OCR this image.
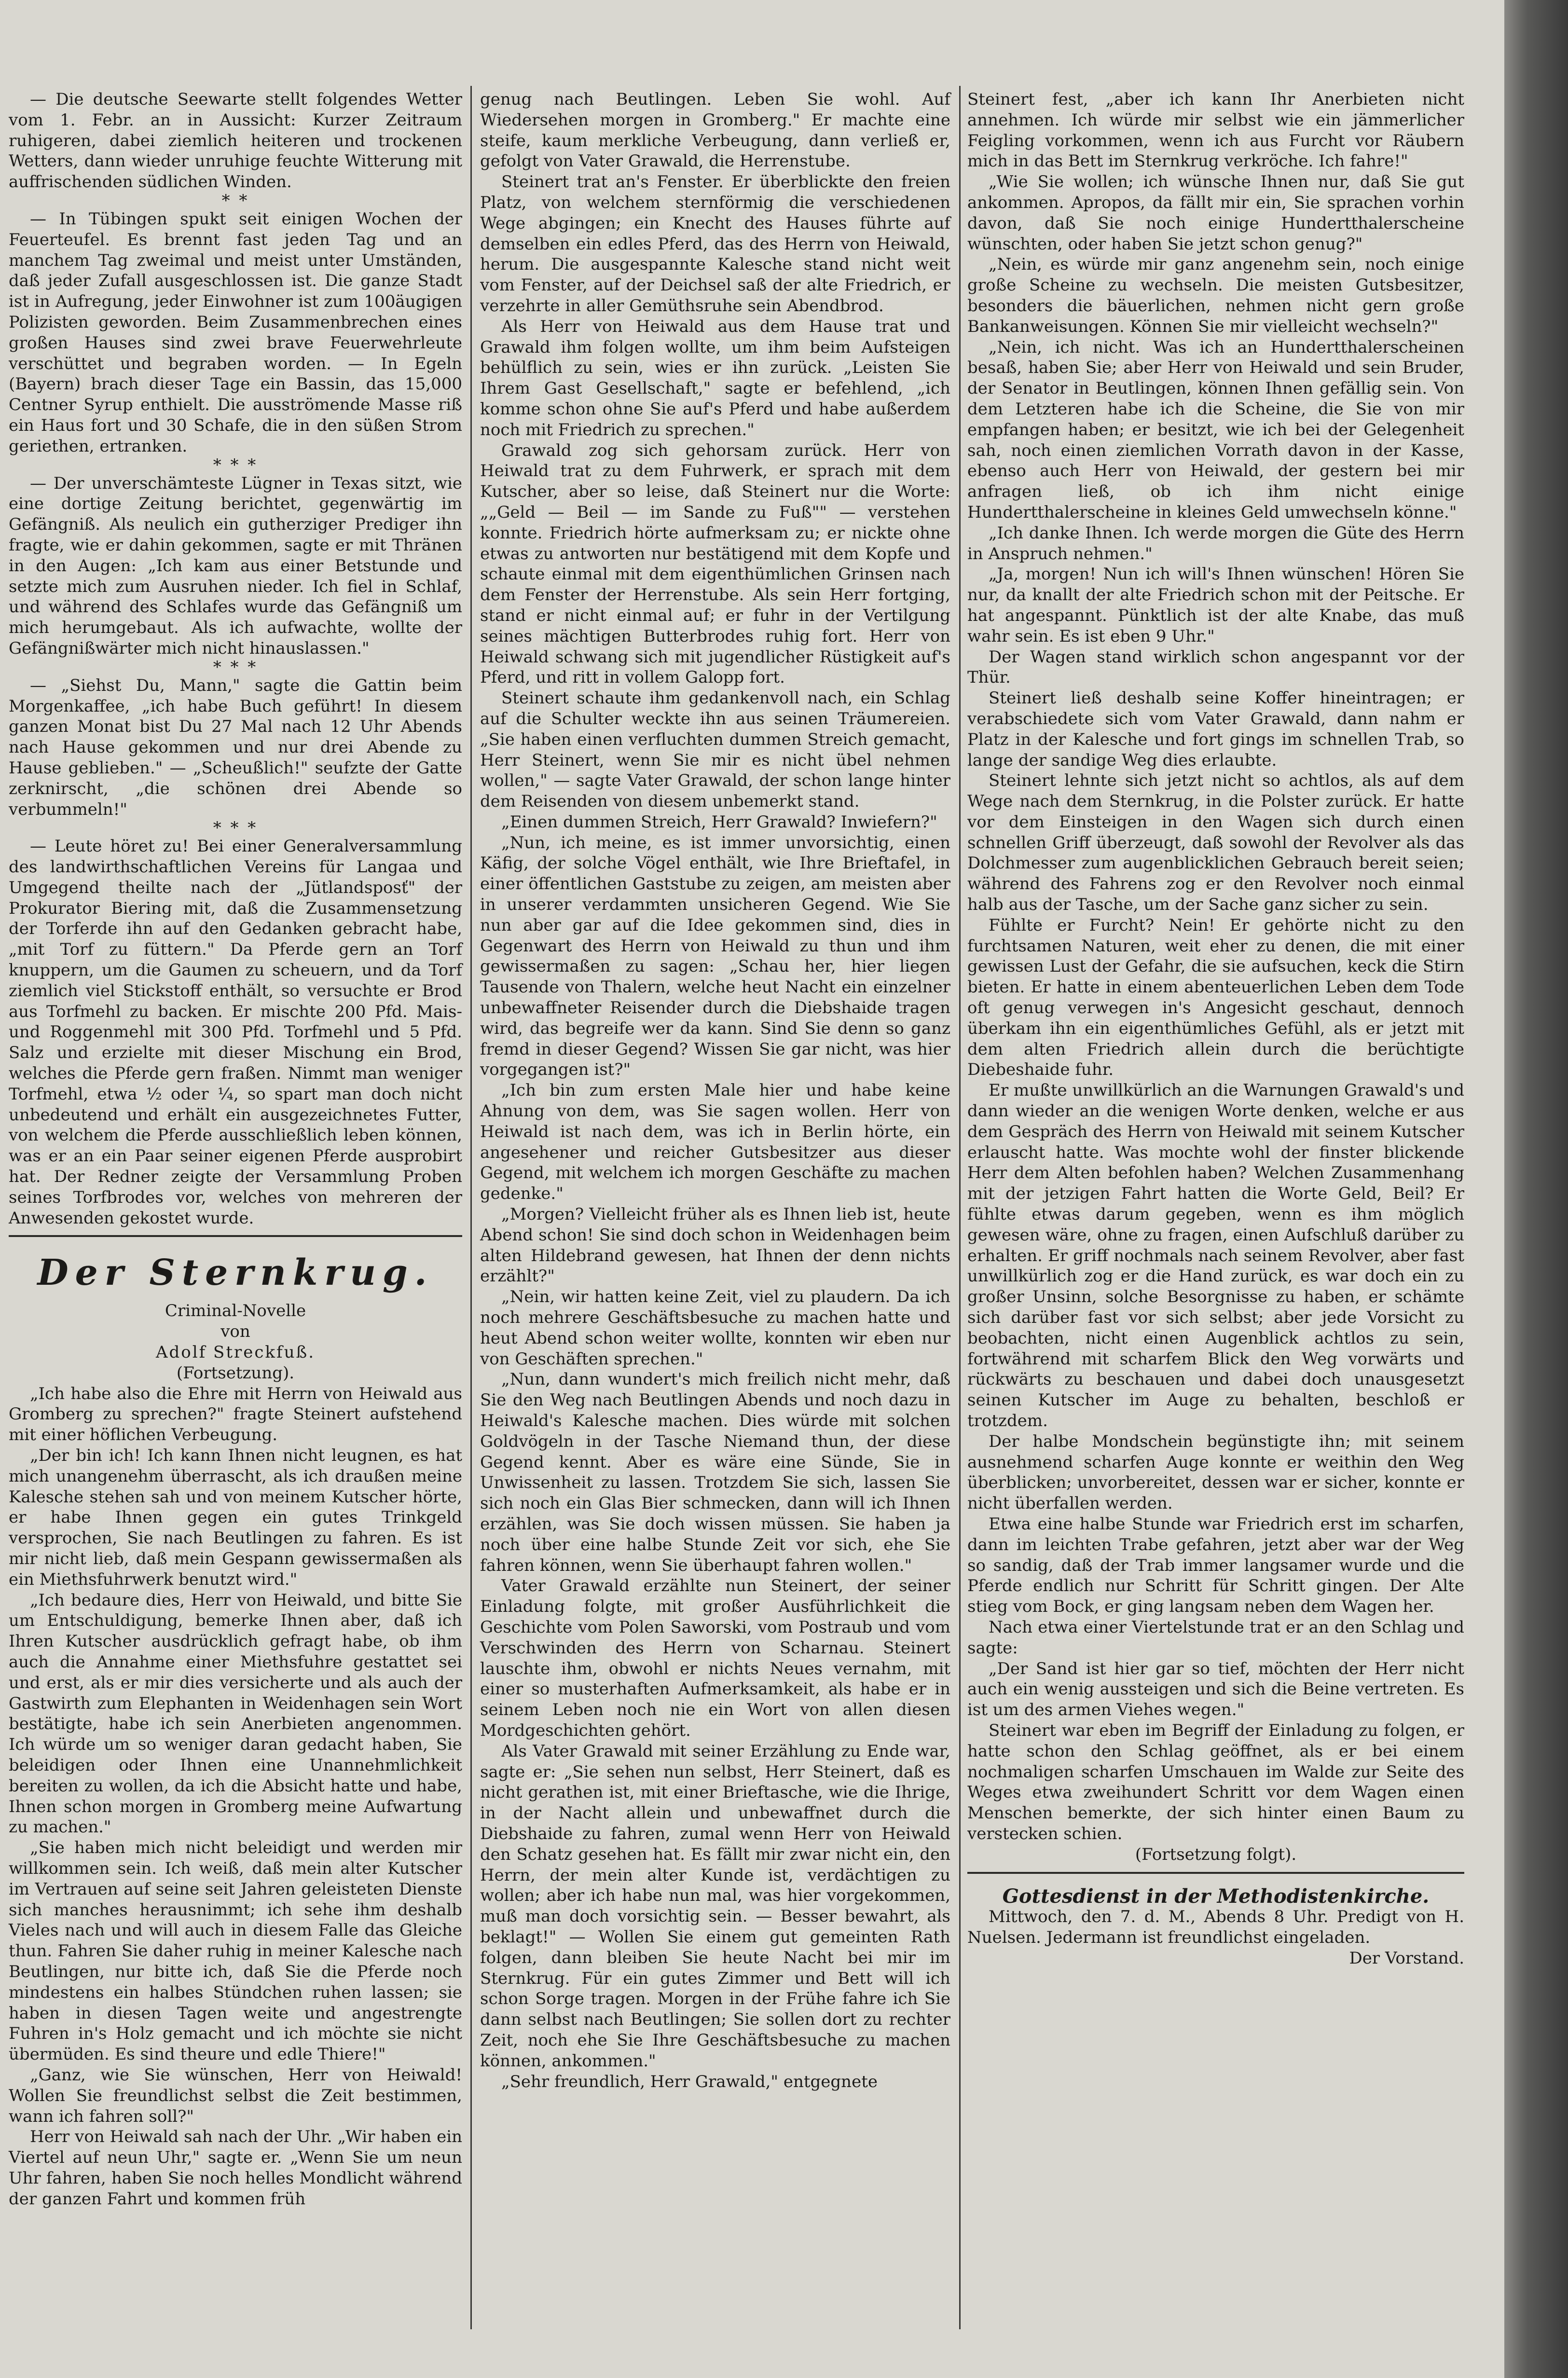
— Die deutsche Seewarte stellt folgendes Wetter vom 1. Febr. an in Aussicht: Kurzer Zeitraum ruhigeren, dabei ziemlich heiteren und trockenen Wetters, dann wieder unruhige feuchte Witterung mit auffrischenden südlichen Winden.

* *

— In Tübingen spukt seit einigen Wochen der Feuerteufel. Es brennt fast jeden Tag und an manchem Tag zweimal und meist unter Umständen, daß jeder Zufall ausgeschlossen ist. Die ganze Stadt ist in Aufregung, jeder Einwohner ist zum 100äugigen Polizisten geworden. Beim Zusammenbrechen eines großen Hauses sind zwei brave Feuerwehrleute verschüttet und begraben worden. — In Egeln (Bayern) brach dieser Tage ein Bassin, das 15,000 Centner Syrup enthielt. Die ausströmende Masse riß ein Haus fort und 30 Schafe, die in den süßen Strom geriethen, ertranken.

* * *

— Der unverschämteste Lügner in Texas sitzt, wie eine dortige Zeitung berichtet, gegenwärtig im Gefängniß. Als neulich ein gutherziger Prediger ihn fragte, wie er dahin gekommen, sagte er mit Thränen in den Augen: „Ich kam aus einer Betstunde und setzte mich zum Ausruhen nieder. Ich fiel in Schlaf, und während des Schlafes wurde das Gefängniß um mich herumgebaut. Als ich aufwachte, wollte der Gefängnißwärter mich nicht hinauslassen."

* * *

— „Siehst Du, Mann," sagte die Gattin beim Morgenkaffee, „ich habe Buch geführt! In diesem ganzen Monat bist Du 27 Mal nach 12 Uhr Abends nach Hause gekommen und nur drei Abende zu Hause geblieben." — „Scheußlich!" seufzte der Gatte zerknirscht, „die schönen drei Abende so verbummeln!"

* * *

— Leute höret zu! Bei einer Generalversammlung des landwirthschaftlichen Vereins für Langaa und Umgegend theilte nach der „Jütlandsposť" der Prokurator Biering mit, daß die Zusammensetzung der Torferde ihn auf den Gedanken gebracht habe, „mit Torf zu füttern." Da Pferde gern an Torf knuppern, um die Gaumen zu scheuern, und da Torf ziemlich viel Stickstoff enthält, so versuchte er Brod aus Torfmehl zu backen. Er mischte 200 Pfd. Mais- und Roggenmehl mit 300 Pfd. Torfmehl und 5 Pfd. Salz und erzielte mit dieser Mischung ein Brod, welches die Pferde gern fraßen. Nimmt man weniger Torfmehl, etwa ½ oder ¼, so spart man doch nicht unbedeutend und erhält ein ausgezeichnetes Futter, von welchem die Pferde ausschließlich leben können, was er an ein Paar seiner eigenen Pferde ausprobirt hat. Der Redner zeigte der Versammlung Proben seines Torfbrodes vor, welches von mehreren der Anwesenden gekostet wurde.

Der Sternkrug.

Criminal-Novelle

von

Adolf Streckfuß.

(Fortsetzung).

„Ich habe also die Ehre mit Herrn von Heiwald aus Gromberg zu sprechen?" fragte Steinert aufstehend mit einer höflichen Verbeugung.

„Der bin ich! Ich kann Ihnen nicht leugnen, es hat mich unangenehm überrascht, als ich draußen meine Kalesche stehen sah und von meinem Kutscher hörte, er habe Ihnen gegen ein gutes Trinkgeld versprochen, Sie nach Beutlingen zu fahren. Es ist mir nicht lieb, daß mein Gespann gewissermaßen als ein Miethsfuhrwerk benutzt wird."

„Ich bedaure dies, Herr von Heiwald, und bitte Sie um Entschuldigung, bemerke Ihnen aber, daß ich Ihren Kutscher ausdrücklich gefragt habe, ob ihm auch die Annahme einer Miethsfuhre gestattet sei und erst, als er mir dies versicherte und als auch der Gastwirth zum Elephanten in Weidenhagen sein Wort bestätigte, habe ich sein Anerbieten angenommen. Ich würde um so weniger daran gedacht haben, Sie beleidigen oder Ihnen eine Unannehmlichkeit bereiten zu wollen, da ich die Absicht hatte und habe, Ihnen schon morgen in Gromberg meine Aufwartung zu machen."

„Sie haben mich nicht beleidigt und werden mir willkommen sein. Ich weiß, daß mein alter Kutscher im Vertrauen auf seine seit Jahren geleisteten Dienste sich manches herausnimmt; ich sehe ihm deshalb Vieles nach und will auch in diesem Falle das Gleiche thun. Fahren Sie daher ruhig in meiner Kalesche nach Beutlingen, nur bitte ich, daß Sie die Pferde noch mindestens ein halbes Stündchen ruhen lassen; sie haben in diesen Tagen weite und angestrengte Fuhren in's Holz gemacht und ich möchte sie nicht übermüden. Es sind theure und edle Thiere!"

„Ganz, wie Sie wünschen, Herr von Heiwald! Wollen Sie freundlichst selbst die Zeit bestimmen, wann ich fahren soll?"

Herr von Heiwald sah nach der Uhr. „Wir haben ein Viertel auf neun Uhr," sagte er. „Wenn Sie um neun Uhr fahren, haben Sie noch helles Mondlicht während der ganzen Fahrt und kommen früh

genug nach Beutlingen. Leben Sie wohl. Auf Wiedersehen morgen in Gromberg." Er machte eine steife, kaum merkliche Verbeugung, dann verließ er, gefolgt von Vater Grawald, die Herrenstube.

Steinert trat an's Fenster. Er überblickte den freien Platz, von welchem sternförmig die verschiedenen Wege abgingen; ein Knecht des Hauses führte auf demselben ein edles Pferd, das des Herrn von Heiwald, herum. Die ausgespannte Kalesche stand nicht weit vom Fenster, auf der Deichsel saß der alte Friedrich, er verzehrte in aller Gemüthsruhe sein Abendbrod.

Als Herr von Heiwald aus dem Hause trat und Grawald ihm folgen wollte, um ihm beim Aufsteigen behülflich zu sein, wies er ihn zurück. „Leisten Sie Ihrem Gast Gesellschaft," sagte er befehlend, „ich komme schon ohne Sie auf's Pferd und habe außerdem noch mit Friedrich zu sprechen."

Grawald zog sich gehorsam zurück. Herr von Heiwald trat zu dem Fuhrwerk, er sprach mit dem Kutscher, aber so leise, daß Steinert nur die Worte: „„Geld — Beil — im Sande zu Fuß"" — verstehen konnte. Friedrich hörte aufmerksam zu; er nickte ohne etwas zu antworten nur bestätigend mit dem Kopfe und schaute einmal mit dem eigenthümlichen Grinsen nach dem Fenster der Herrenstube. Als sein Herr fortging, stand er nicht einmal auf; er fuhr in der Vertilgung seines mächtigen Butterbrodes ruhig fort. Herr von Heiwald schwang sich mit jugendlicher Rüstigkeit auf's Pferd, und ritt in vollem Galopp fort.

Steinert schaute ihm gedankenvoll nach, ein Schlag auf die Schulter weckte ihn aus seinen Träumereien. „Sie haben einen verfluchten dummen Streich gemacht, Herr Steinert, wenn Sie mir es nicht übel nehmen wollen," — sagte Vater Grawald, der schon lange hinter dem Reisenden von diesem unbemerkt stand.

„Einen dummen Streich, Herr Grawald? Inwiefern?"

„Nun, ich meine, es ist immer unvorsichtig, einen Käfig, der solche Vögel enthält, wie Ihre Brieftafel, in einer öffentlichen Gaststube zu zeigen, am meisten aber in unserer verdammten unsicheren Gegend. Wie Sie nun aber gar auf die Idee gekommen sind, dies in Gegenwart des Herrn von Heiwald zu thun und ihm gewissermaßen zu sagen: „Schau her, hier liegen Tausende von Thalern, welche heut Nacht ein einzelner unbewaffneter Reisender durch die Diebshaide tragen wird, das begreife wer da kann. Sind Sie denn so ganz fremd in dieser Gegend? Wissen Sie gar nicht, was hier vorgegangen ist?"

„Ich bin zum ersten Male hier und habe keine Ahnung von dem, was Sie sagen wollen. Herr von Heiwald ist nach dem, was ich in Berlin hörte, ein angesehener und reicher Gutsbesitzer aus dieser Gegend, mit welchem ich morgen Geschäfte zu machen gedenke."

„Morgen? Vielleicht früher als es Ihnen lieb ist, heute Abend schon! Sie sind doch schon in Weidenhagen beim alten Hildebrand gewesen, hat Ihnen der denn nichts erzählt?"

„Nein, wir hatten keine Zeit, viel zu plaudern. Da ich noch mehrere Geschäftsbesuche zu machen hatte und heut Abend schon weiter wollte, konnten wir eben nur von Geschäften sprechen."

„Nun, dann wundert's mich freilich nicht mehr, daß Sie den Weg nach Beutlingen Abends und noch dazu in Heiwald's Kalesche machen. Dies würde mit solchen Goldvögeln in der Tasche Niemand thun, der diese Gegend kennt. Aber es wäre eine Sünde, Sie in Unwissenheit zu lassen. Trotzdem Sie sich, lassen Sie sich noch ein Glas Bier schmecken, dann will ich Ihnen erzählen, was Sie doch wissen müssen. Sie haben ja noch über eine halbe Stunde Zeit vor sich, ehe Sie fahren können, wenn Sie überhaupt fahren wollen."

Vater Grawald erzählte nun Steinert, der seiner Einladung folgte, mit großer Ausführlichkeit die Geschichte vom Polen Saworski, vom Postraub und vom Verschwinden des Herrn von Scharnau. Steinert lauschte ihm, obwohl er nichts Neues vernahm, mit einer so musterhaften Aufmerksamkeit, als habe er in seinem Leben noch nie ein Wort von allen diesen Mordgeschichten gehört.

Als Vater Grawald mit seiner Erzählung zu Ende war, sagte er: „Sie sehen nun selbst, Herr Steinert, daß es nicht gerathen ist, mit einer Brieftasche, wie die Ihrige, in der Nacht allein und unbewaffnet durch die Diebshaide zu fahren, zumal wenn Herr von Heiwald den Schatz gesehen hat. Es fällt mir zwar nicht ein, den Herrn, der mein alter Kunde ist, verdächtigen zu wollen; aber ich habe nun mal, was hier vorgekommen, muß man doch vorsichtig sein. — Besser bewahrt, als beklagt!" — Wollen Sie einem gut gemeinten Rath folgen, dann bleiben Sie heute Nacht bei mir im Sternkrug. Für ein gutes Zimmer und Bett will ich schon Sorge tragen. Morgen in der Frühe fahre ich Sie dann selbst nach Beutlingen; Sie sollen dort zu rechter Zeit, noch ehe Sie Ihre Geschäftsbesuche zu machen können, ankommen."

„Sehr freundlich, Herr Grawald," entgegnete

Steinert fest, „aber ich kann Ihr Anerbieten nicht annehmen. Ich würde mir selbst wie ein jämmerlicher Feigling vorkommen, wenn ich aus Furcht vor Räubern mich in das Bett im Sternkrug verkröche. Ich fahre!"

„Wie Sie wollen; ich wünsche Ihnen nur, daß Sie gut ankommen. Apropos, da fällt mir ein, Sie sprachen vorhin davon, daß Sie noch einige Hundertthalerscheine wünschten, oder haben Sie jetzt schon genug?"

„Nein, es würde mir ganz angenehm sein, noch einige große Scheine zu wechseln. Die meisten Gutsbesitzer, besonders die bäuerlichen, nehmen nicht gern große Bankanweisungen. Können Sie mir vielleicht wechseln?"

„Nein, ich nicht. Was ich an Hundertthalerscheinen besaß, haben Sie; aber Herr von Heiwald und sein Bruder, der Senator in Beutlingen, können Ihnen gefällig sein. Von dem Letzteren habe ich die Scheine, die Sie von mir empfangen haben; er besitzt, wie ich bei der Gelegenheit sah, noch einen ziemlichen Vorrath davon in der Kasse, ebenso auch Herr von Heiwald, der gestern bei mir anfragen ließ, ob ich ihm nicht einige Hundertthalerscheine in kleines Geld umwechseln könne."

„Ich danke Ihnen. Ich werde morgen die Güte des Herrn in Anspruch nehmen."

„Ja, morgen! Nun ich will's Ihnen wünschen! Hören Sie nur, da knallt der alte Friedrich schon mit der Peitsche. Er hat angespannt. Pünktlich ist der alte Knabe, das muß wahr sein. Es ist eben 9 Uhr."

Der Wagen stand wirklich schon angespannt vor der Thür.

Steinert ließ deshalb seine Koffer hineintragen; er verabschiedete sich vom Vater Grawald, dann nahm er Platz in der Kalesche und fort gings im schnellen Trab, so lange der sandige Weg dies erlaubte.

Steinert lehnte sich jetzt nicht so achtlos, als auf dem Wege nach dem Sternkrug, in die Polster zurück. Er hatte vor dem Einsteigen in den Wagen sich durch einen schnellen Griff überzeugt, daß sowohl der Revolver als das Dolchmesser zum augenblicklichen Gebrauch bereit seien; während des Fahrens zog er den Revolver noch einmal halb aus der Tasche, um der Sache ganz sicher zu sein.

Fühlte er Furcht? Nein! Er gehörte nicht zu den furchtsamen Naturen, weit eher zu denen, die mit einer gewissen Lust der Gefahr, die sie aufsuchen, keck die Stirn bieten. Er hatte in einem abenteuerlichen Leben dem Tode oft genug verwegen in's Angesicht geschaut, dennoch überkam ihn ein eigenthümliches Gefühl, als er jetzt mit dem alten Friedrich allein durch die berüchtigte Diebeshaide fuhr.

Er mußte unwillkürlich an die Warnungen Grawald's und dann wieder an die wenigen Worte denken, welche er aus dem Gespräch des Herrn von Heiwald mit seinem Kutscher erlauscht hatte. Was mochte wohl der finster blickende Herr dem Alten befohlen haben? Welchen Zusammenhang mit der jetzigen Fahrt hatten die Worte Geld, Beil? Er fühlte etwas darum gegeben, wenn es ihm möglich gewesen wäre, ohne zu fragen, einen Aufschluß darüber zu erhalten. Er griff nochmals nach seinem Revolver, aber fast unwillkürlich zog er die Hand zurück, es war doch ein zu großer Unsinn, solche Besorgnisse zu haben, er schämte sich darüber fast vor sich selbst; aber jede Vorsicht zu beobachten, nicht einen Augenblick achtlos zu sein, fortwährend mit scharfem Blick den Weg vorwärts und rückwärts zu beschauen und dabei doch unausgesetzt seinen Kutscher im Auge zu behalten, beschloß er trotzdem.

Der halbe Mondschein begünstigte ihn; mit seinem ausnehmend scharfen Auge konnte er weithin den Weg überblicken; unvorbereitet, dessen war er sicher, konnte er nicht überfallen werden.

Etwa eine halbe Stunde war Friedrich erst im scharfen, dann im leichten Trabe gefahren, jetzt aber war der Weg so sandig, daß der Trab immer langsamer wurde und die Pferde endlich nur Schritt für Schritt gingen. Der Alte stieg vom Bock, er ging langsam neben dem Wagen her.

Nach etwa einer Viertelstunde trat er an den Schlag und sagte:

„Der Sand ist hier gar so tief, möchten der Herr nicht auch ein wenig aussteigen und sich die Beine vertreten. Es ist um des armen Viehes wegen."

Steinert war eben im Begriff der Einladung zu folgen, er hatte schon den Schlag geöffnet, als er bei einem nochmaligen scharfen Umschauen im Walde zur Seite des Weges etwa zweihundert Schritt vor dem Wagen einen Menschen bemerkte, der sich hinter einen Baum zu verstecken schien.

(Fortsetzung folgt).

Gottesdienst in der Methodistenkirche.

Mittwoch, den 7. d. M., Abends 8 Uhr. Predigt von H. Nuelsen. Jedermann ist freundlichst eingeladen.

Der Vorstand.
